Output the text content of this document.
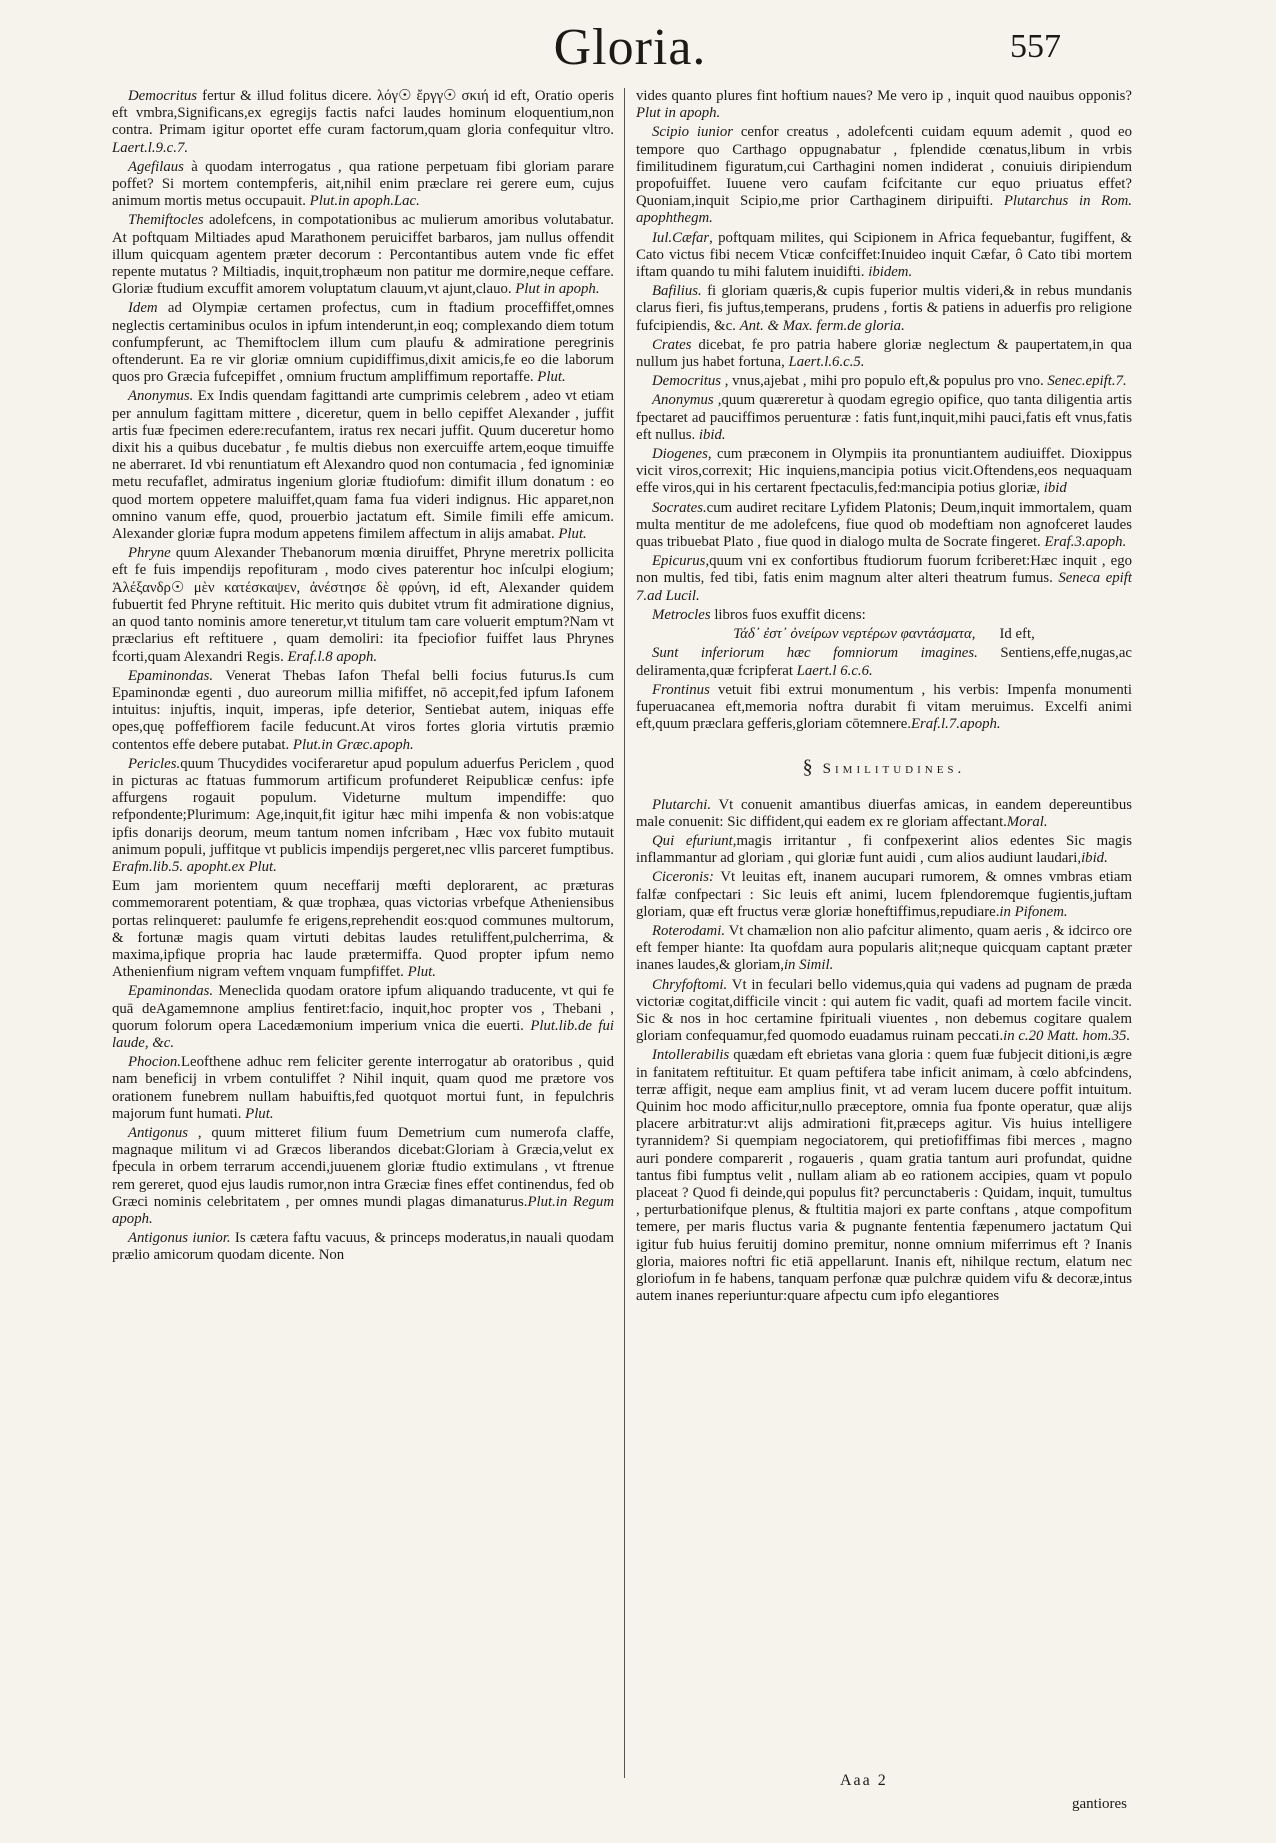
Gloria.	557

Democritus fertur & illud folitus dicere. λόγ☉ ἔργγ☉ σκιή id eft, Oratio operis eft vmbra,Significans,ex egregijs factis nafci laudes hominum eloquentium,non contra. Primam igitur oportet effe curam factorum,quam gloria confequitur vltro. Laert.l.9.c.7.

Agefilaus à quodam interrogatus , qua ratione perpetuam fibi gloriam parare poffet? Si mortem contempferis, ait,nihil enim præclare rei gerere eum, cujus animum mortis metus occupauit. Plut.in apoph.Lac.

Themiftocles adolefcens, in compotationibus ac mulierum amoribus volutabatur. At poftquam Miltiades apud Marathonem peruiciffet barbaros, jam nullus offendit illum quicquam agentem præter decorum : Percontantibus autem vnde fic effet repente mutatus ? Miltiadis, inquit,trophæum non patitur me dormire,neque ceffare. Gloriæ ftudium excuffit amorem voluptatum clauum,vt ajunt,clauo. Plut in apoph.

Idem ad Olympiæ certamen profectus, cum in ftadium proceffiffet,omnes neglectis certaminibus oculos in ipfum intenderunt,in eoq; complexando diem totum confumpferunt, ac Themiftoclem illum cum plaufu & admiratione peregrinis oftenderunt. Ea re vir gloriæ omnium cupidiffimus,dixit amicis,fe eo die laborum quos pro Græcia fufcepiffet , omnium fructum ampliffimum reportaffe. Plut.

Anonymus. Ex Indis quendam fagittandi arte cumprimis celebrem , adeo vt etiam per annulum fagittam mittere , diceretur, quem in bello cepiffet Alexander , juffit artis fuæ fpecimen edere:recufantem, iratus rex necari juffit. Quum duceretur homo dixit his a quibus ducebatur , fe multis diebus non exercuiffe artem,eoque timuiffe ne aberraret. Id vbi renuntiatum eft Alexandro quod non contumacia , fed ignominiæ metu recufaflet, admiratus ingenium gloriæ ftudiofum: dimifit illum donatum : eo quod mortem oppetere maluiffet,quam fama fua videri indignus. Hic apparet,non omnino vanum effe, quod, prouerbio jactatum eft. Simile fimili effe amicum. Alexander gloriæ fupra modum appetens fimilem affectum in alijs amabat. Plut.

Phryne quum Alexander Thebanorum mœnia diruiffet, Phryne meretrix pollicita eft fe fuis impendijs repofituram , modo cives paterentur hoc inſculpi elogium; Ἀλέξανδρ☉ μὲν κατέσκαψεν, ἀνέστησε δὲ φρύνη, id eft, Alexander quidem fubuertit fed Phryne reftituit. Hic merito quis dubitet vtrum fit admiratione dignius, an quod tanto nominis amore teneretur,vt titulum tam care voluerit emptum?Nam vt præclarius eft reftituere , quam demoliri: ita fpeciofior fuiffet laus Phrynes fcorti,quam Alexandri Regis. Eraf.l.8 apoph.

Epaminondas. Venerat Thebas Iafon Thefal belli focius futurus.Is cum Epaminondæ egenti , duo aureorum millia mififfet, nō accepit,fed ipfum Iafonem intuitus: injuftis, inquit, imperas, ipfe deterior, Sentiebat autem, iniquas effe opes,quę poffeffiorem facile feducunt.At viros fortes gloria virtutis præmio contentos effe debere putabat. Plut.in Græc.apoph.

Pericles.quum Thucydides vociferaretur apud populum aduerfus Periclem , quod in picturas ac ftatuas fummorum artificum profunderet Reipublicæ cenfus: ipfe affurgens rogauit populum. Videturne multum impendiffe: quo refpondente;Plurimum: Age,inquit,fit igitur hæc mihi impenfa & non vobis:atque ipfis donarijs deorum, meum tantum nomen infcribam , Hæc vox fubito mutauit animum populi, juffitque vt publicis impendijs pergeret,nec vllis parceret fumptibus. Erafm.lib.5. apopht.ex Plut.

Eum jam morientem quum neceffarij mœfti deplorarent, ac præturas commemorarent potentiam, & quæ trophæa, quas victorias vrbefque Atheniensibus portas relinqueret: paulumfe fe erigens,reprehendit eos:quod communes multorum, & fortunæ magis quam virtuti debitas laudes retuliffent,pulcherrima, & maxima,ipfique propria hac laude prætermiffa. Quod propter ipfum nemo Athenienfium nigram veftem vnquam fumpfiffet. Plut.

Epaminondas. Meneclida quodam oratore ipfum aliquando traducente, vt qui fe quā deAgamemnone amplius fentiret:facio, inquit,hoc propter vos , Thebani , quorum folorum opera Lacedæmonium imperium vnica die euerti. Plut.lib.de fui laude, &c.

Phocion.Leofthene adhuc rem feliciter gerente interrogatur ab oratoribus , quid nam beneficij in vrbem contuliffet ? Nihil inquit, quam quod me prætore vos orationem funebrem nullam habuiftis,fed quotquot mortui funt, in fepulchris majorum funt humati. Plut.

Antigonus , quum mitteret filium fuum Demetrium cum numerofa claffe, magnaque militum vi ad Græcos liberandos dicebat:Gloriam à Græcia,velut ex fpecula in orbem terrarum accendi,juuenem gloriæ ftudio extimulans , vt ftrenue rem gereret, quod ejus laudis rumor,non intra Græciæ fines effet continendus, fed ob Græci nominis celebritatem , per omnes mundi plagas dimanaturus.Plut.in Regum apoph.

Antigonus iunior. Is cætera faftu vacuus, & princeps moderatus,in nauali quodam prælio amicorum quodam dicente. Non

vides quanto plures fint hoftium naues? Me vero ip , inquit quod nauibus opponis? Plut in apoph.

Scipio iunior cenfor creatus , adolefcenti cuidam equum ademit , quod eo tempore quo Carthago oppugnabatur , fplendide cœnatus,libum in vrbis fimilitudinem figuratum,cui Carthagini nomen indiderat , conuiuis diripiendum propofuiffet. Iuuene vero caufam fcifcitante cur equo priuatus effet? Quoniam,inquit Scipio,me prior Carthaginem diripuifti. Plutarchus in Rom. apophthegm.

Iul.Cæfar, poftquam milites, qui Scipionem in Africa fequebantur, fugiffent, & Cato victus fibi necem Vticæ confciffet:Inuideo inquit Cæfar, ô Cato tibi mortem iftam quando tu mihi falutem inuidifti. ibidem.

Bafilius. fi gloriam quæris,& cupis fuperior multis videri,& in rebus mundanis clarus fieri, fis juftus,temperans, prudens , fortis & patiens in aduerfis pro religione fufcipiendis, &c. Ant. & Max. ferm.de gloria.

Crates dicebat, fe pro patria habere gloriæ neglectum & paupertatem,in qua nullum jus habet fortuna, Laert.l.6.c.5.

Democritus , vnus,ajebat , mihi pro populo eft,& populus pro vno. Senec.epift.7.

Anonymus ,quum quæreretur à quodam egregio opifice, quo tanta diligentia artis fpectaret ad pauciffimos peruenturæ : fatis funt,inquit,mihi pauci,fatis eft vnus,fatis eft nullus. ibid.

Diogenes, cum præconem in Olympiis ita pronuntiantem audiuiffet. Dioxippus vicit viros,correxit; Hic inquiens,mancipia potius vicit.Oftendens,eos nequaquam effe viros,qui in his certarent fpectaculis,fed:mancipia potius gloriæ, ibid

Socrates.cum audiret recitare Lyfidem Platonis; Deum,inquit immortalem, quam multa mentitur de me adolefcens, fiue quod ob modeftiam non agnofceret laudes quas tribuebat Plato , fiue quod in dialogo multa de Socrate fingeret. Eraf.3.apoph.

Epicurus,quum vni ex confortibus ftudiorum fuorum fcriberet:Hæc inquit , ego non multis, fed tibi, fatis enim magnum alter alteri theatrum fumus. Seneca epift 7.ad Lucil.

Metrocles libros fuos exuffit dicens:

Τάδ᾽ ἐστ᾽ ὀνείρων νερτέρων φαντάσματα, Id eft,

Sunt inferiorum hæc fomniorum imagines. Sentiens,effe,nugas,ac deliramenta,quæ fcripferat Laert.l 6.c.6.

Frontinus vetuit fibi extrui monumentum , his verbis: Impenfa monumenti fuperuacanea eft,memoria noftra durabit fi vitam meruimus. Excelfi animi eft,quum præclara gefferis,gloriam cōtemnere.Eraf.l.7.apoph.

§ Similitudines.

Plutarchi. Vt conuenit amantibus diuerfas amicas, in eandem depereuntibus male conuenit: Sic diffident,qui eadem ex re gloriam affectant.Moral.

Qui efuriunt,magis irritantur , fi confpexerint alios edentes Sic magis inflammantur ad gloriam , qui gloriæ funt auidi , cum alios audiunt laudari,ibid.

Ciceronis: Vt leuitas eft, inanem aucupari rumorem, & omnes vmbras etiam falfæ confpectari : Sic leuis eft animi, lucem fplendoremque fugientis,juftam gloriam, quæ eft fructus veræ gloriæ honeftiffimus,repudiare.in Pifonem.

Roterodami. Vt chamælion non alio pafcitur alimento, quam aeris , & idcirco ore eft femper hiante: Ita quofdam aura popularis alit;neque quicquam captant præter inanes laudes,& gloriam,in Simil.

Chryfoftomi. Vt in feculari bello videmus,quia qui vadens ad pugnam de præda victoriæ cogitat,difficile vincit : qui autem fic vadit, quafi ad mortem facile vincit. Sic & nos in hoc certamine fpirituali viuentes , non debemus cogitare qualem gloriam confequamur,fed quomodo euadamus ruinam peccati.in c.20 Matt. hom.35.

Intollerabilis quædam eft ebrietas vana gloria : quem fuæ fubjecit ditioni,is ægre in fanitatem reftituitur. Et quam peftifera tabe inficit animam, à cœlo abfcindens, terræ affigit, neque eam amplius finit, vt ad veram lucem ducere poffit intuitum. Quinim hoc modo afficitur,nullo præceptore, omnia fua fponte operatur, quæ alijs placere arbitratur:vt alijs admirationi fit,præceps agitur. Vis huius intelligere tyrannidem? Si quempiam negociatorem, qui pretiofiffimas fibi merces , magno auri pondere comparerit , rogaueris , quam gratia tantum auri profundat, quidne tantus fibi fumptus velit , nullam aliam ab eo rationem accipies, quam vt populo placeat ? Quod fi deinde,qui populus fit? percunctaberis : Quidam, inquit, tumultus , perturbationifque plenus, & ftultitia majori ex parte conftans , atque compofitum temere, per maris fluctus varia & pugnante fententia fæpenumero jactatum Qui igitur fub huius feruitij domino premitur, nonne omnium miferrimus eft ? Inanis gloria, maiores noftri fic etiā appellarunt. Inanis eft, nihilque rectum, elatum nec gloriofum in fe habens, tanquam perfonæ quæ pulchræ quidem vifu & decoræ,intus autem inanes reperiuntur:quare afpectu cum ipfo elegantiores

Aaa 2
gantiores
